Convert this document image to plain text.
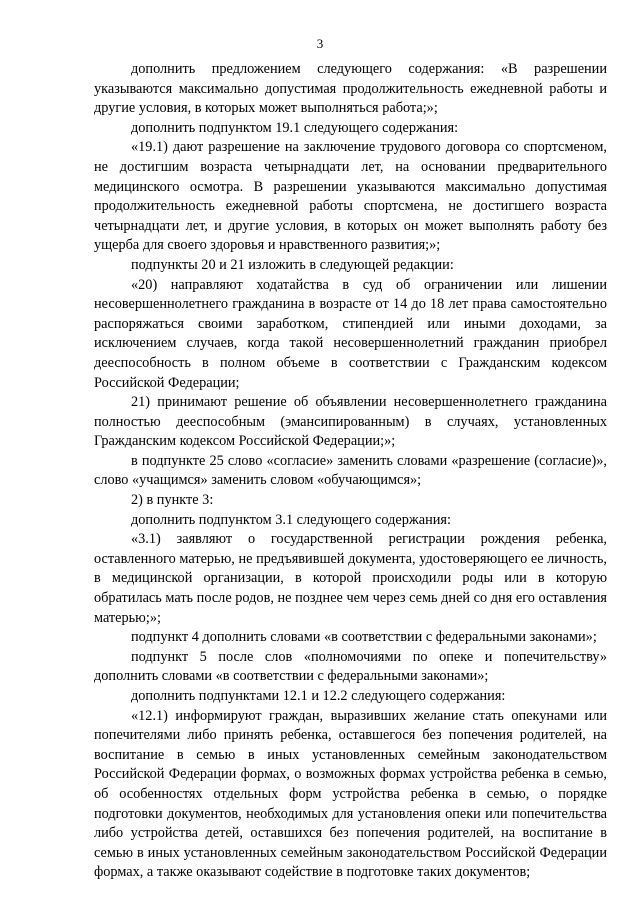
3

дополнить предложением следующего содержания: «В разрешении указываются максимально допустимая продолжительность ежедневной работы и другие условия, в которых может выполняться работа;»;

дополнить подпунктом 19.1 следующего содержания:

«19.1) дают разрешение на заключение трудового договора со спортсменом, не достигшим возраста четырнадцати лет, на основании предварительного медицинского осмотра. В разрешении указываются максимально допустимая продолжительность ежедневной работы спортсмена, не достигшего возраста четырнадцати лет, и другие условия, в которых он может выполнять работу без ущерба для своего здоровья и нравственного развития;»;

подпункты 20 и 21 изложить в следующей редакции:

«20) направляют ходатайства в суд об ограничении или лишении несовершеннолетнего гражданина в возрасте от 14 до 18 лет права самостоятельно распоряжаться своими заработком, стипендией или иными доходами, за исключением случаев, когда такой несовершеннолетний гражданин приобрел дееспособность в полном объеме в соответствии с Гражданским кодексом Российской Федерации;

21) принимают решение об объявлении несовершеннолетнего гражданина полностью дееспособным (эмансипированным) в случаях, установленных Гражданским кодексом Российской Федерации;»;

в подпункте 25 слово «согласие» заменить словами «разрешение (согласие)», слово «учащимся» заменить словом «обучающимся»;

2) в пункте 3:

дополнить подпунктом 3.1 следующего содержания:

«3.1) заявляют о государственной регистрации рождения ребенка, оставленного матерью, не предъявившей документа, удостоверяющего ее личность, в медицинской организации, в которой происходили роды или в которую обратилась мать после родов, не позднее чем через семь дней со дня его оставления матерью;»;

подпункт 4 дополнить словами «в соответствии с федеральными законами»;

подпункт 5 после слов «полномочиями по опеке и попечительству» дополнить словами «в соответствии с федеральными законами»;

дополнить подпунктами 12.1 и 12.2 следующего содержания:

«12.1) информируют граждан, выразивших желание стать опекунами или попечителями либо принять ребенка, оставшегося без попечения родителей, на воспитание в семью в иных установленных семейным законодательством Российской Федерации формах, о возможных формах устройства ребенка в семью, об особенностях отдельных форм устройства ребенка в семью, о порядке подготовки документов, необходимых для установления опеки или попечительства либо устройства детей, оставшихся без попечения родителей, на воспитание в семью в иных установленных семейным законодательством Российской Федерации формах, а также оказывают содействие в подготовке таких документов;
